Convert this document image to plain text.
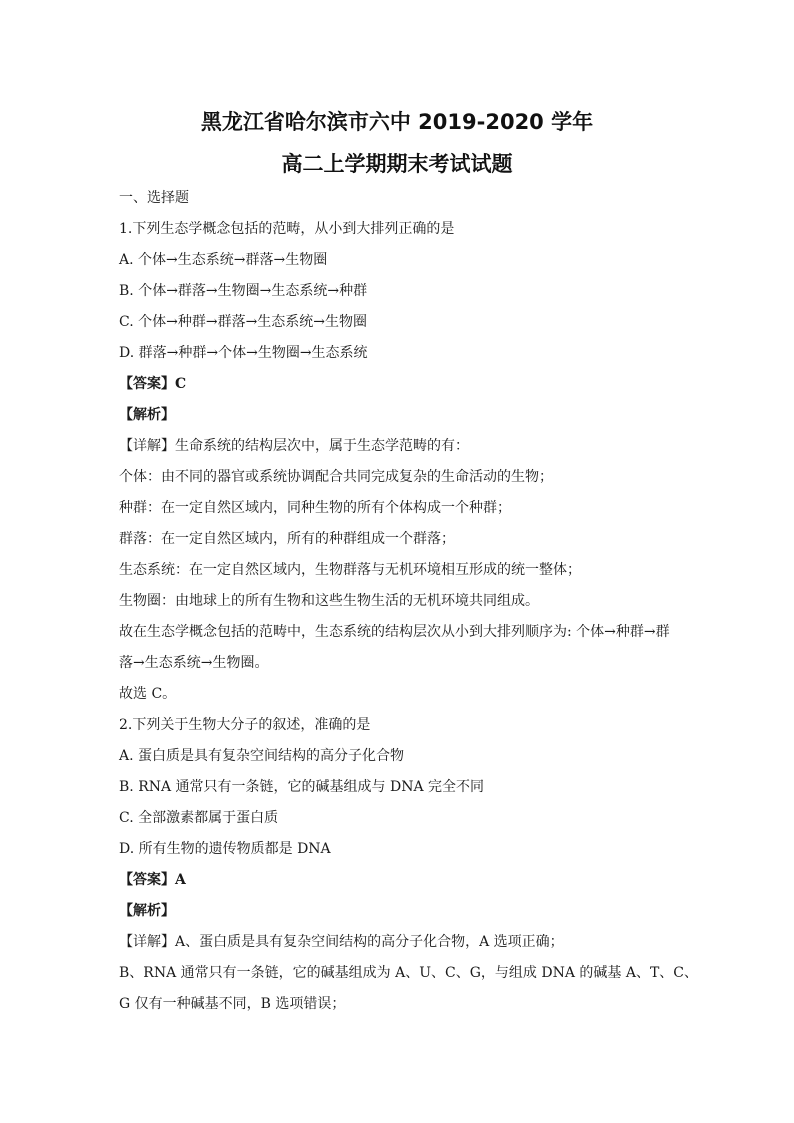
黑龙江省哈尔滨市六中 2019-2020 学年
高二上学期期末考试试题
一、选择题
1.下列生态学概念包括的范畴，从小到大排列正确的是
A. 个体→生态系统→群落→生物圈
B. 个体→群落→生物圈→生态系统→种群
C. 个体→种群→群落→生态系统→生物圈
D. 群落→种群→个体→生物圈→生态系统
【答案】C
【解析】
【详解】生命系统的结构层次中，属于生态学范畴的有：
个体：由不同的器官或系统协调配合共同完成复杂的生命活动的生物；
种群：在一定自然区域内，同种生物的所有个体构成一个种群；
群落：在一定自然区域内，所有的种群组成一个群落；
生态系统：在一定自然区域内，生物群落与无机环境相互形成的统一整体；
生物圈：由地球上的所有生物和这些生物生活的无机环境共同组成。
故在生态学概念包括的范畴中，生态系统的结构层次从小到大排列顺序为: 个体→种群→群
落→生态系统→生物圈。
故选 C。
2.下列关于生物大分子的叙述，准确的是
A. 蛋白质是具有复杂空间结构的高分子化合物
B. RNA 通常只有一条链，它的碱基组成与 DNA 完全不同
C. 全部激素都属于蛋白质
D. 所有生物的遗传物质都是 DNA
【答案】A
【解析】
【详解】A、蛋白质是具有复杂空间结构的高分子化合物，A 选项正确；
B、RNA 通常只有一条链，它的碱基组成为 A、U、C、G，与组成 DNA 的碱基 A、T、C、
G 仅有一种碱基不同，B 选项错误；
